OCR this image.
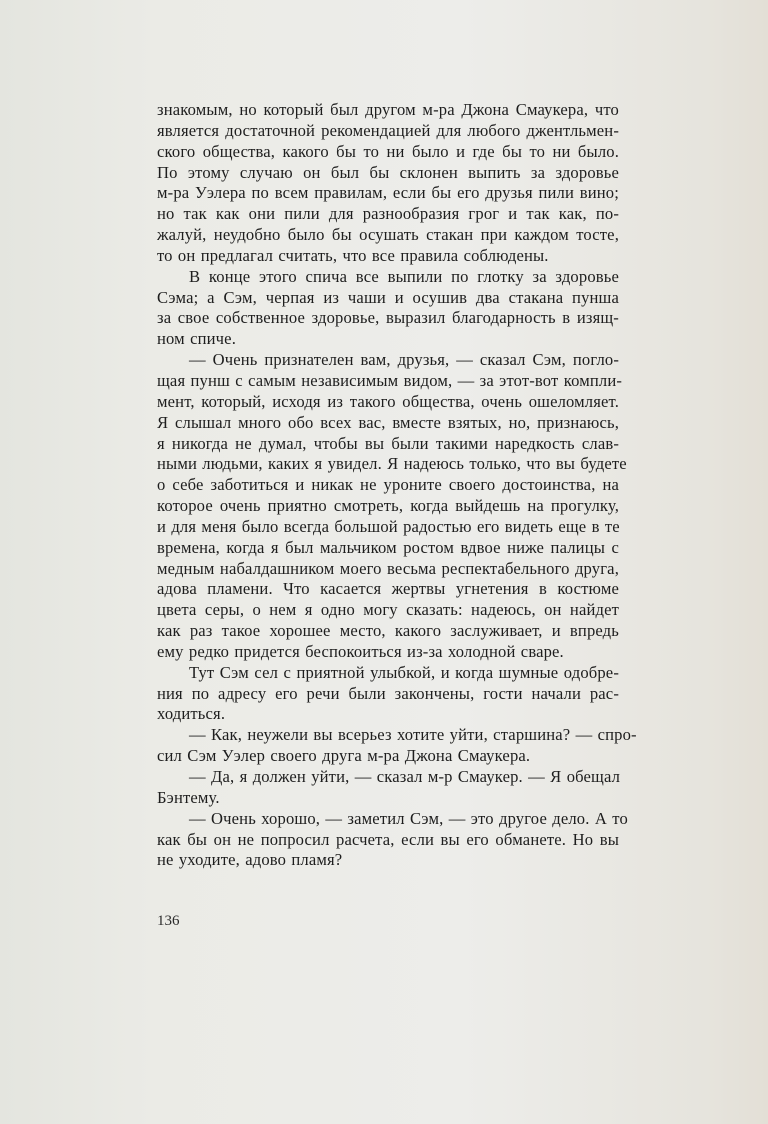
знакомым, но который был другом м-ра Джона Смаукера, что
является достаточной рекомендацией для любого джентльмен-
ского общества, какого бы то ни было и где бы то ни было.
По этому случаю он был бы склонен выпить за здоровье
м-ра Уэлера по всем правилам, если бы его друзья пили вино;
но так как они пили для разнообразия грог и так как, по-
жалуй, неудобно было бы осушать стакан при каждом тосте,
то он предлагал считать, что все правила соблюдены.
В конце этого спича все выпили по глотку за здоровье
Сэма; а Сэм, черпая из чаши и осушив два стакана пунша
за свое собственное здоровье, выразил благодарность в изящ-
ном спиче.
— Очень признателен вам, друзья, — сказал Сэм, погло-
щая пунш с самым независимым видом, — за этот-вот компли-
мент, который, исходя из такого общества, очень ошеломляет.
Я слышал много обо всех вас, вместе взятых, но, признаюсь,
я никогда не думал, чтобы вы были такими наредкость слав-
ными людьми, каких я увидел. Я надеюсь только, что вы будете
о себе заботиться и никак не уроните своего достоинства, на
которое очень приятно смотреть, когда выйдешь на прогулку,
и для меня было всегда большой радостью его видеть еще в те
времена, когда я был мальчиком ростом вдвое ниже палицы с
медным набалдашником моего весьма респектабельного друга,
адова пламени. Что касается жертвы угнетения в костюме
цвета серы, о нем я одно могу сказать: надеюсь, он найдет
как раз такое хорошее место, какого заслуживает, и впредь
ему редко придется беспокоиться из-за холодной сваре.
Тут Сэм сел с приятной улыбкой, и когда шумные одобре-
ния по адресу его речи были закончены, гости начали рас-
ходиться.
— Как, неужели вы всерьез хотите уйти, старшина? — спро-
сил Сэм Уэлер своего друга м-ра Джона Смаукера.
— Да, я должен уйти, — сказал м-р Смаукер. — Я обещал
Бэнтему.
— Очень хорошо, — заметил Сэм, — это другое дело. А то
как бы он не попросил расчета, если вы его обманете. Но вы
не уходите, адово пламя?
136
